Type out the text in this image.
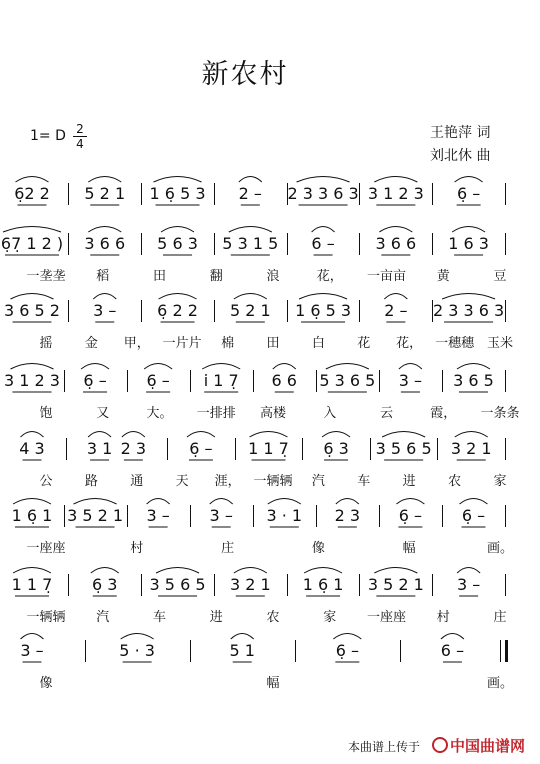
新农村
1= D 2
4
王艳萍 词
刘北休 曲
6̣2 2 5 2 1 1 6̣ 5 3 2 – 2 3 3 6 3 3 1 2 3 6̣ –
6̣7̣ 1 2 ) 3 6 6 5 6 3 5 3 1 5 6 –	3 6 6 1 6 3
一垄垄 稻	田	翻	浪	花， 一亩亩 黄	豆
3 6 5 2 3 –	6̣ 2 2 5 2 1 1 6̣ 5 3 2 – 2 3 3 6 3
摇 金 甲， 一片片 棉 田 白 花 花， 一穗穗 玉米
3 1 2 3 6̣ – 6̣ – i 1 7̣ 6 6 5 3 6 5 3 – 3 6 5
饱	又	大。 一排排 高楼	入	云	霞， 一条条
4 3	3 1 2 3	6̣ – 1 1 7̣ 6̣ 3 3 5 6 5 3 2 1
公 路 通 天 涯， 一辆辆 汽 车 进 农 家
1 6̣ 1 3 5 2 1 3 – 3 – 3 · 1 2 3 6̣ – 6̣ –
一座座	村	庄	像	幅	画。
1 1 7̣ 6̣ 3 3 5 6 5 3 2 1 1 6̣ 1 3 5 2 1 3 –
一辆辆 汽	车	进	农	家 一座座 村	庄
3 –	5 · 3	5 1	6̣ –	6 –
像	幅	画。
本曲谱上传于	中国曲谱网
